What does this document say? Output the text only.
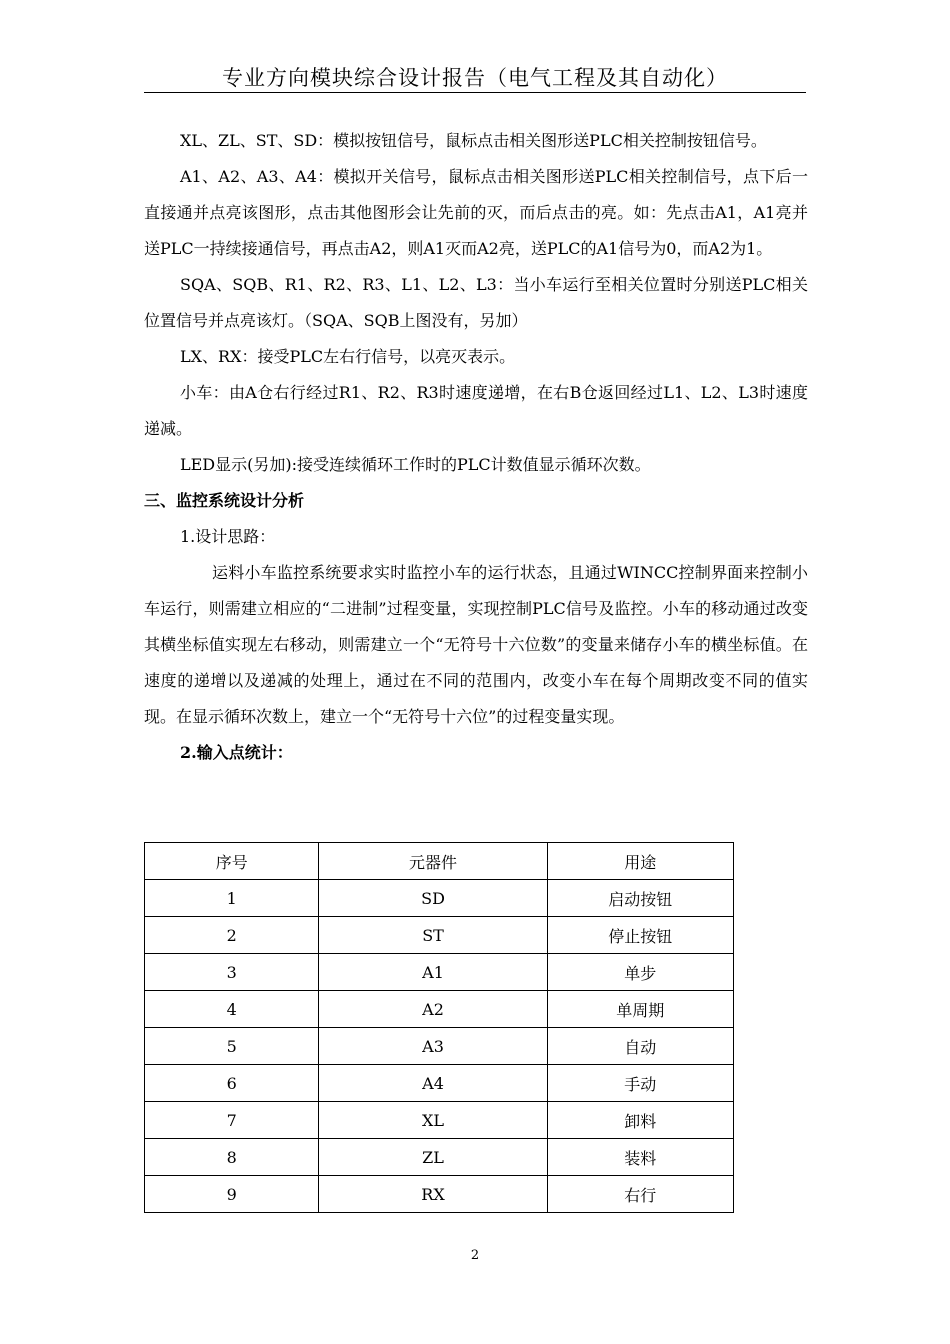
专业方向模块综合设计报告（电气工程及其自动化）

XL、ZL、ST、SD：模拟按钮信号，鼠标点击相关图形送PLC相关控制按钮信号。

A1、A2、A3、A4：模拟开关信号，鼠标点击相关图形送PLC相关控制信号，点下后一直接通并点亮该图形，点击其他图形会让先前的灭，而后点击的亮。如：先点击A1，A1亮并送PLC一持续接通信号，再点击A2，则A1灭而A2亮，送PLC的A1信号为0，而A2为1。

SQA、SQB、R1、R2、R3、L1、L2、L3：当小车运行至相关位置时分别送PLC相关位置信号并点亮该灯。（SQA、SQB上图没有，另加）

LX、RX：接受PLC左右行信号，以亮灭表示。

小车：由A仓右行经过R1、R2、R3时速度递增，在右B仓返回经过L1、L2、L3时速度递减。

LED显示(另加):接受连续循环工作时的PLC计数值显示循环次数。

三、监控系统设计分析

1.设计思路：

运料小车监控系统要求实时监控小车的运行状态，且通过WINCC控制界面来控制小车运行，则需建立相应的“二进制”过程变量，实现控制PLC信号及监控。小车的移动通过改变其横坐标值实现左右移动，则需建立一个“无符号十六位数”的变量来储存小车的横坐标值。在速度的递增以及递减的处理上，通过在不同的范围内，改变小车在每个周期改变不同的值实现。在显示循环次数上，建立一个“无符号十六位”的过程变量实现。

2.输入点统计：

序号	元器件	用途
1	SD	启动按钮
2	ST	停止按钮
3	A1	单步
4	A2	单周期
5	A3	自动
6	A4	手动
7	XL	卸料
8	ZL	装料
9	RX	右行
2
